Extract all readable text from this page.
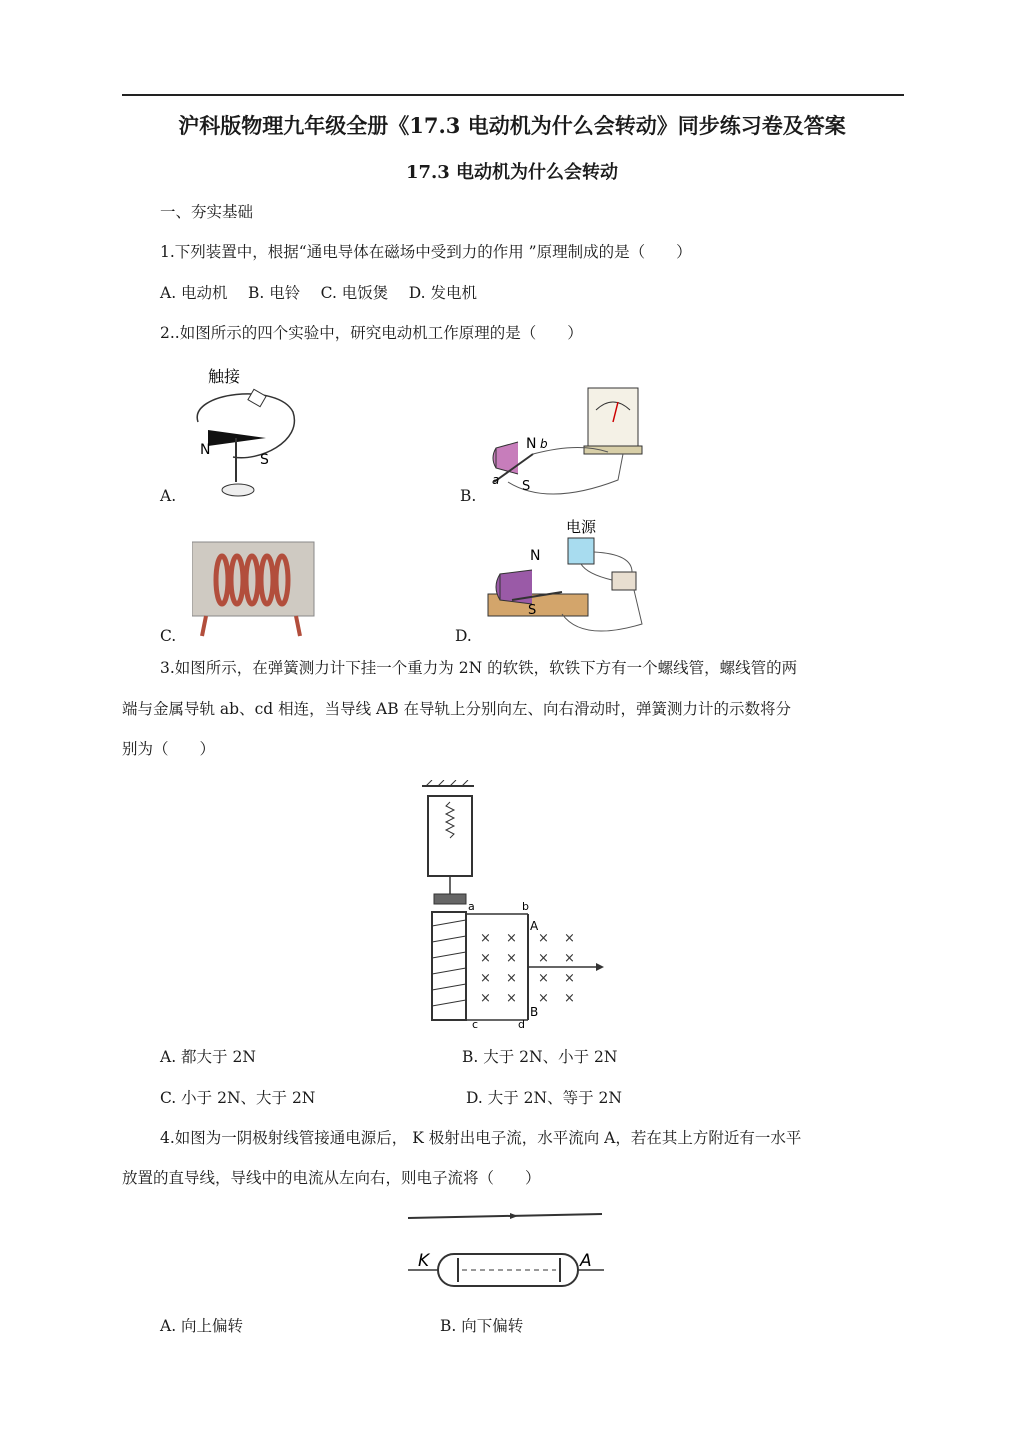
沪科版物理九年级全册《17.3 电动机为什么会转动》同步练习卷及答案
17.3 电动机为什么会转动
一、夯实基础
1.下列装置中，根据“通电导体在磁场中受到力的作用 ”原理制成的是（　　）
A. 电动机　 B. 电铃　 C. 电饭煲　 D. 发电机
2..如图所示的四个实验中，研究电动机工作原理的是（　　）
触接
N
S
A.
N
S
a
b
B.
C.
电源
N
S
D.
3.如图所示，在弹簧测力计下挂一个重力为 2N 的软铁，软铁下方有一个螺线管，螺线管的两
端与金属导轨 ab、cd 相连，当导线 AB 在导轨上分别向左、向右滑动时，弹簧测力计的示数将分
别为（　　）
× × × ×
× × × ×
× × × ×
× × × ×
a	b
c	d
A
B
A. 都大于 2N	B. 大于 2N、小于 2N
C. 小于 2N、大于 2N	D. 大于 2N、等于 2N
4.如图为一阴极射线管接通电源后， K 极射出电子流，水平流向 A，若在其上方附近有一水平
放置的直导线，导线中的电流从左向右，则电子流将（　　）
K	A
A. 向上偏转	B. 向下偏转
